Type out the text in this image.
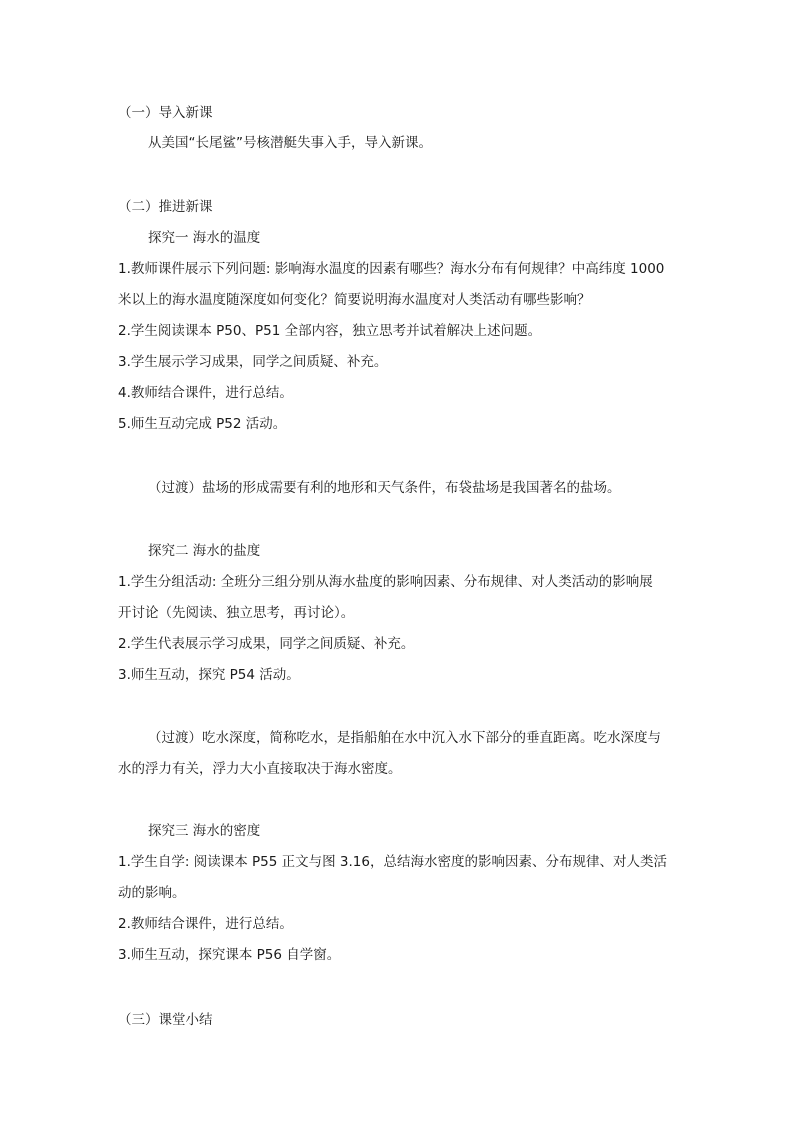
（一）导入新课
从美国“长尾鲨”号核潜艇失事入手，导入新课。
（二）推进新课
探究一 海水的温度
1.教师课件展示下列问题: 影响海水温度的因素有哪些？海水分布有何规律？中高纬度 1000
米以上的海水温度随深度如何变化？简要说明海水温度对人类活动有哪些影响？
2.学生阅读课本 P50、P51 全部内容，独立思考并试着解决上述问题。
3.学生展示学习成果，同学之间质疑、补充。
4.教师结合课件，进行总结。
5.师生互动完成 P52 活动。
（过渡）盐场的形成需要有利的地形和天气条件，布袋盐场是我国著名的盐场。
探究二 海水的盐度
1.学生分组活动: 全班分三组分别从海水盐度的影响因素、分布规律、对人类活动的影响展
开讨论（先阅读、独立思考，再讨论）。
2.学生代表展示学习成果，同学之间质疑、补充。
3.师生互动，探究 P54 活动。
（过渡）吃水深度，简称吃水，是指船舶在水中沉入水下部分的垂直距离。吃水深度与
水的浮力有关，浮力大小直接取决于海水密度。
探究三 海水的密度
1.学生自学: 阅读课本 P55 正文与图 3.16，总结海水密度的影响因素、分布规律、对人类活
动的影响。
2.教师结合课件，进行总结。
3.师生互动，探究课本 P56 自学窗。
（三）课堂小结
